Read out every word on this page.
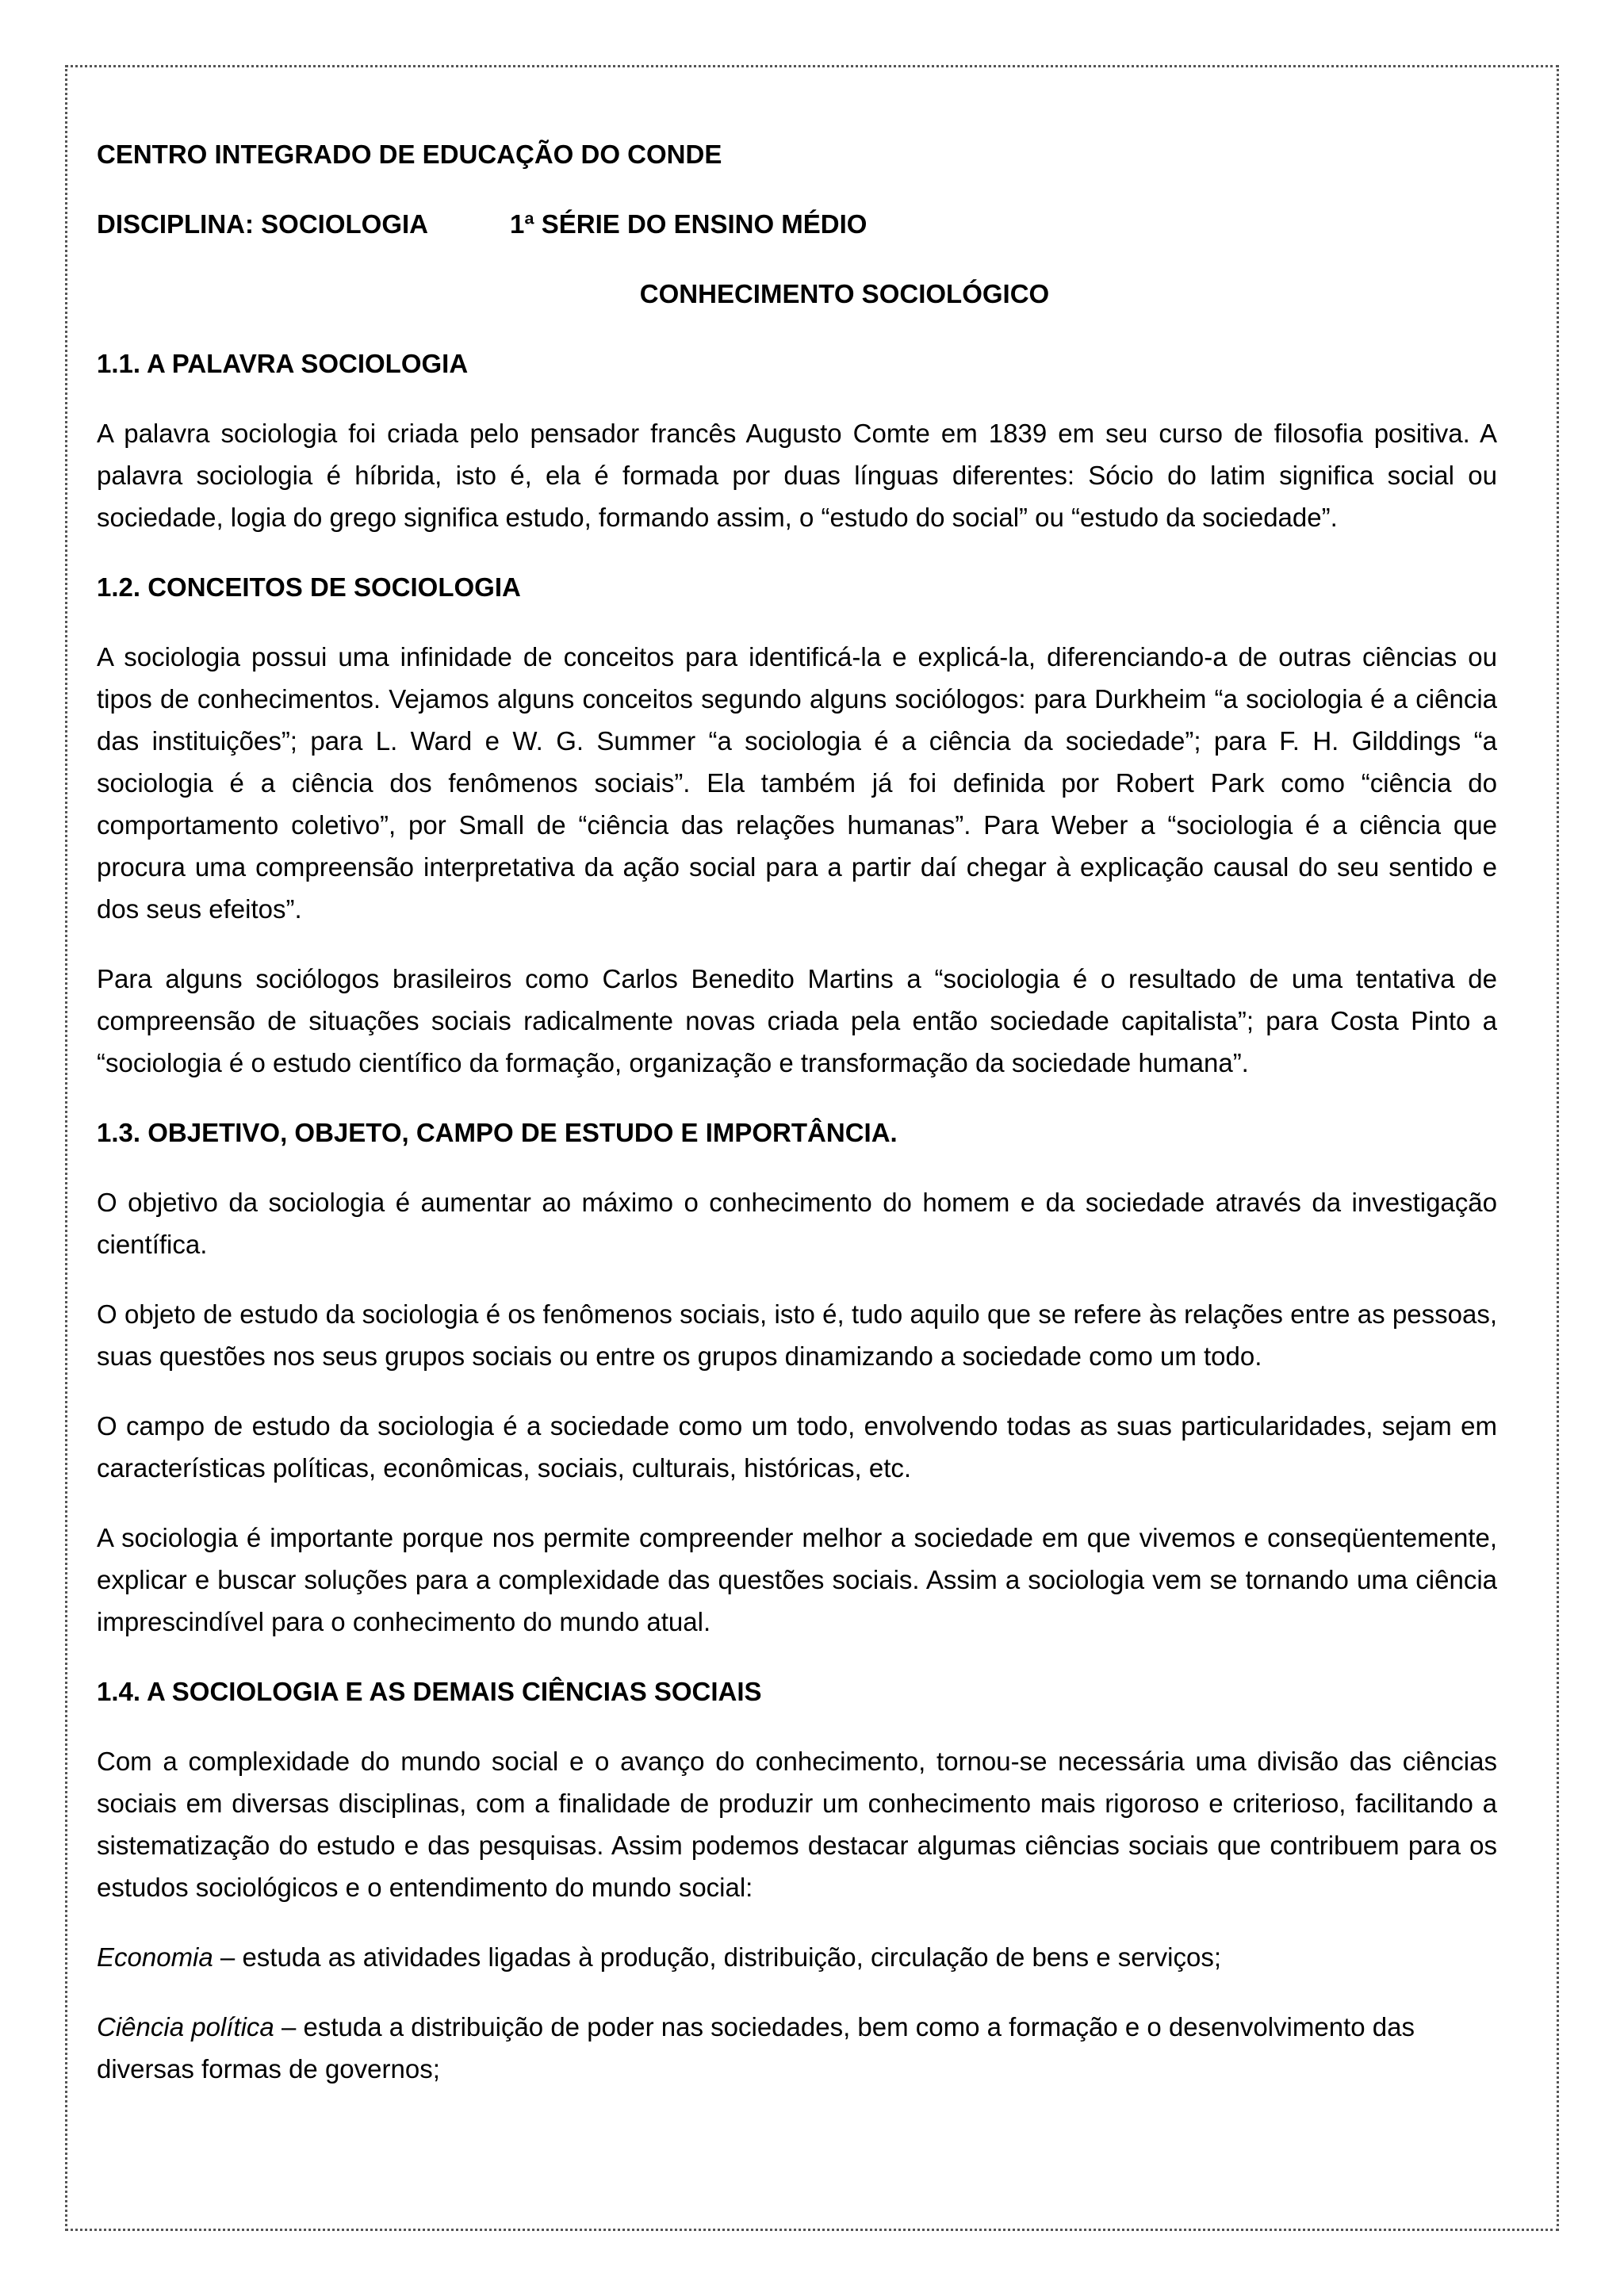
CENTRO INTEGRADO DE EDUCAÇÃO DO CONDE
DISCIPLINA: SOCIOLOGIA	1ª SÉRIE DO ENSINO MÉDIO
CONHECIMENTO SOCIOLÓGICO
1.1. A PALAVRA SOCIOLOGIA

A palavra sociologia foi criada pelo pensador francês Augusto Comte em 1839 em seu curso de filosofia positiva. A palavra sociologia é híbrida, isto é, ela é formada por duas línguas diferentes: Sócio do latim significa social ou sociedade, logia do grego significa estudo, formando assim, o “estudo do social” ou “estudo da sociedade”.

1.2. CONCEITOS DE SOCIOLOGIA

A sociologia possui uma infinidade de conceitos para identificá-la e explicá-la, diferenciando-a de outras ciências ou tipos de conhecimentos. Vejamos alguns conceitos segundo alguns sociólogos: para Durkheim “a sociologia é a ciência das instituições”; para L. Ward e W. G. Summer “a sociologia é a ciência da sociedade”; para F. H. Gilddings “a sociologia é a ciência dos fenômenos sociais”. Ela também já foi definida por Robert Park como “ciência do comportamento coletivo”, por Small de “ciência das relações humanas”. Para Weber a “sociologia é a ciência que procura uma compreensão interpretativa da ação social para a partir daí chegar à explicação causal do seu sentido e dos seus efeitos”.

Para alguns sociólogos brasileiros como Carlos Benedito Martins a “sociologia é o resultado de uma tentativa de compreensão de situações sociais radicalmente novas criada pela então sociedade capitalista”; para Costa Pinto a “sociologia é o estudo científico da formação, organização e transformação da sociedade humana”.

1.3. OBJETIVO, OBJETO, CAMPO DE ESTUDO E IMPORTÂNCIA.

O objetivo da sociologia é aumentar ao máximo o conhecimento do homem e da sociedade através da investigação científica.

O objeto de estudo da sociologia é os fenômenos sociais, isto é, tudo aquilo que se refere às relações entre as pessoas, suas questões nos seus grupos sociais ou entre os grupos dinamizando a sociedade como um todo.

O campo de estudo da sociologia é a sociedade como um todo, envolvendo todas as suas particularidades, sejam em características políticas, econômicas, sociais, culturais, históricas, etc.

A sociologia é importante porque nos permite compreender melhor a sociedade em que vivemos e conseqüentemente, explicar e buscar soluções para a complexidade das questões sociais. Assim a sociologia vem se tornando uma ciência imprescindível para o conhecimento do mundo atual.

1.4. A SOCIOLOGIA E AS DEMAIS CIÊNCIAS SOCIAIS

Com a complexidade do mundo social e o avanço do conhecimento, tornou-se necessária uma divisão das ciências sociais em diversas disciplinas, com a finalidade de produzir um conhecimento mais rigoroso e criterioso, facilitando a sistematização do estudo e das pesquisas. Assim podemos destacar algumas ciências sociais que contribuem para os estudos sociológicos e o entendimento do mundo social:

Economia – estuda as atividades ligadas à produção, distribuição, circulação de bens e serviços;

Ciência política – estuda a distribuição de poder nas sociedades, bem como a formação e o desenvolvimento das diversas formas de governos;
